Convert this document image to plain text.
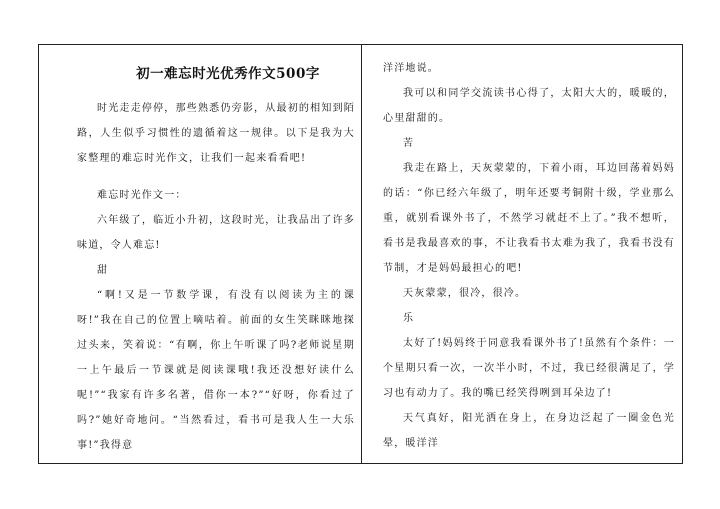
初一难忘时光优秀作文500字

时光走走停停，那些熟悉仍旁影，从最初的相知到陌路，人生似乎习惯性的遗循着这一规律。以下是我为大家整理的难忘时光作文，让我们一起来看看吧!

难忘时光作文一：

六年级了，临近小升初，这段时光，让我品出了许多味道，令人难忘!

甜

“啊!又是一节数学课，有没有以阅读为主的课呀!”我在自己的位置上嘀咕着。前面的女生笑眯眯地探过头来，笑着说：“有啊，你上午听课了吗?老师说星期一上午最后一节课就是阅读课哦!我还没想好读什么呢!”“我家有许多名著，借你一本?”“好呀，你看过了吗?”她好奇地问。“当然看过，看书可是我人生一大乐事!”我得意

洋洋地说。

我可以和同学交流读书心得了，太阳大大的，暖暖的，心里甜甜的。

苦

我走在路上，天灰蒙蒙的，下着小雨，耳边回荡着妈妈的话：“你已经六年级了，明年还要考铜附十级，学业那么重，就别看课外书了，不然学习就赶不上了。”我不想听，看书是我最喜欢的事，不让我看书太难为我了，我看书没有节制，才是妈妈最担心的吧!

天灰蒙蒙，很冷，很冷。

乐

太好了!妈妈终于同意我看课外书了!虽然有个条件：一个星期只看一次，一次半小时，不过，我已经很满足了，学习也有动力了。我的嘴已经笑得咧到耳朵边了!

天气真好，阳光洒在身上，在身边泛起了一圈金色光晕，暖洋洋
